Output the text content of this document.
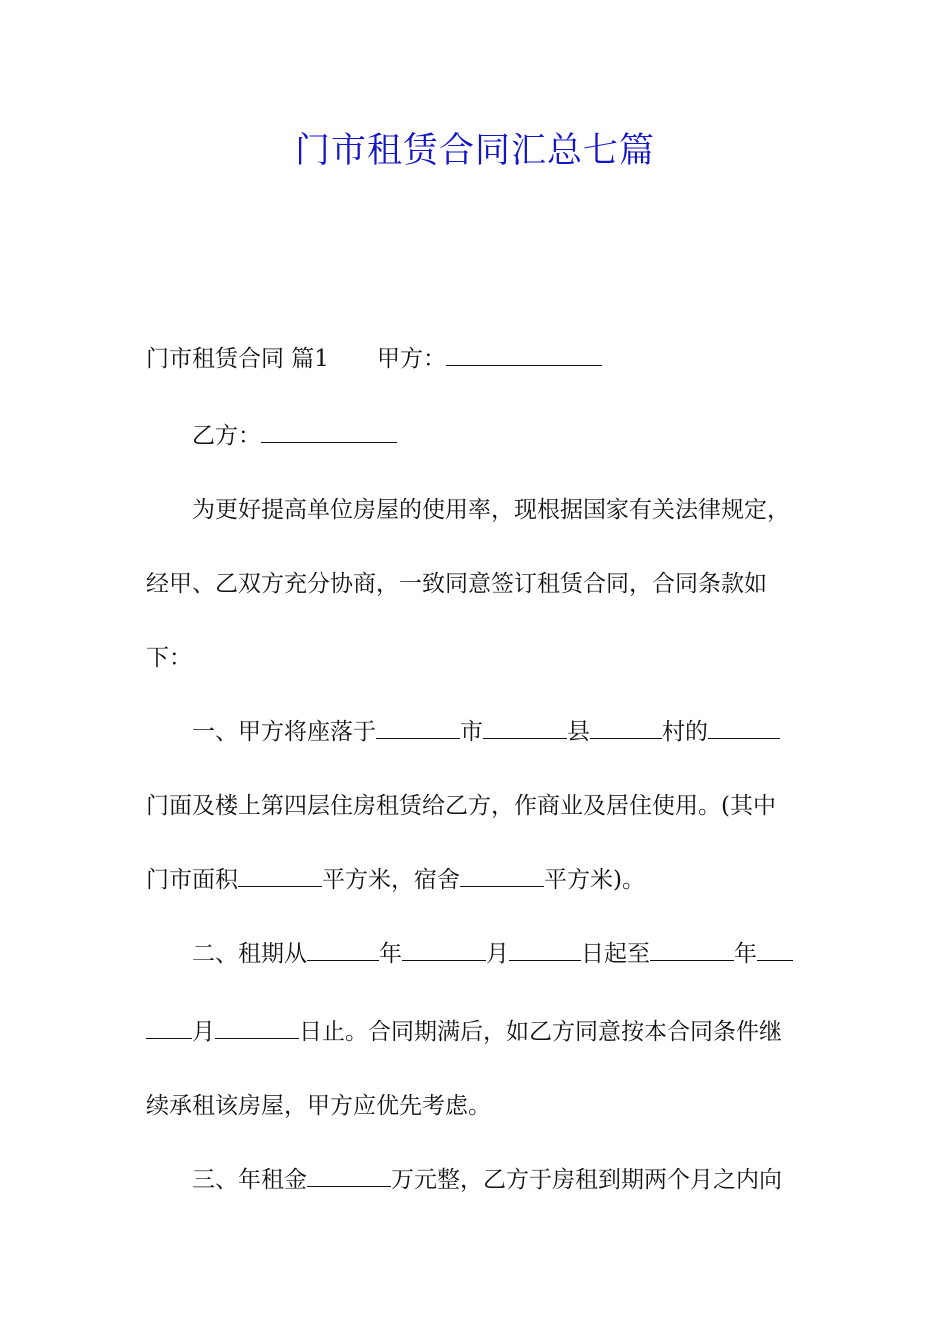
门市租赁合同汇总七篇

门市租赁合同 篇1 甲方：

乙方：

为更好提高单位房屋的使用率，现根据国家有关法律规定，

经甲、乙双方充分协商，一致同意签订租赁合同，合同条款如

下：

一、甲方将座落于	市	县	村的

门面及楼上第四层住房租赁给乙方，作商业及居住使用。(其中

门市面积	平方米，宿舍	平方米)。

二、租期从	年	月	日起至	年

月	日止。合同期满后，如乙方同意按本合同条件继

续承租该房屋，甲方应优先考虑。

三、年租金	万元整，乙方于房租到期两个月之内向
